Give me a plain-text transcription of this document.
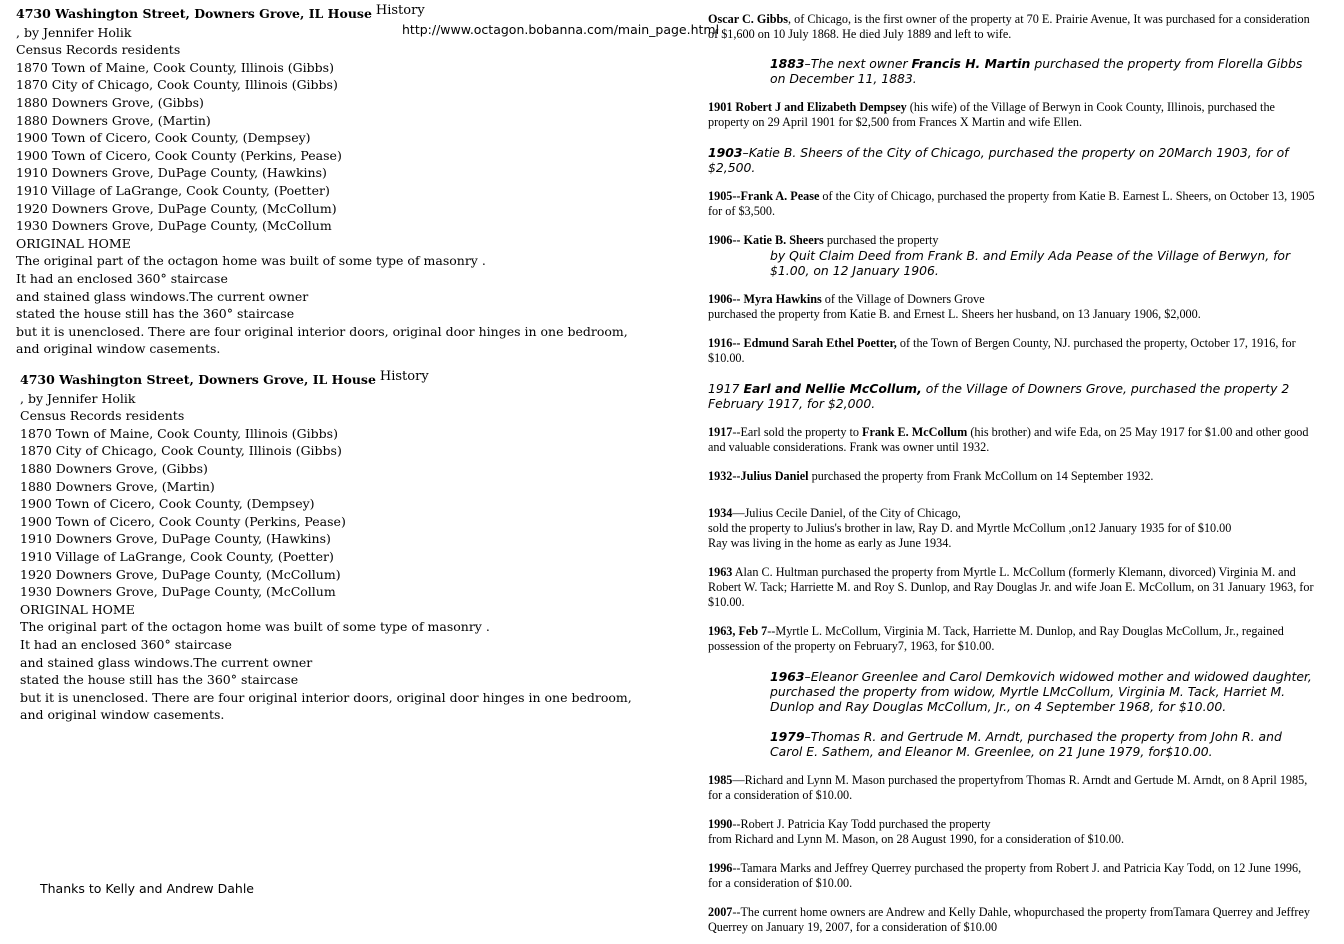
4730 Washington Street, Downers Grove, IL House History
, by Jennifer Holik
Census Records residents
1870 Town of Maine, Cook County, Illinois (Gibbs)
1870 City of Chicago, Cook County, Illinois (Gibbs)
1880 Downers Grove, (Gibbs)
1880 Downers Grove, (Martin)
1900 Town of Cicero, Cook County, (Dempsey)
1900 Town of Cicero, Cook County (Perkins, Pease)
1910 Downers Grove, DuPage County, (Hawkins)
1910 Village of LaGrange, Cook County, (Poetter)
1920 Downers Grove, DuPage County, (McCollum)
1930 Downers Grove, DuPage County, (McCollum
ORIGINAL HOME
The original part of the octagon home was built of some type of masonry .
It had an enclosed 360° staircase
and stained glass windows.The current owner
stated the house still has the 360° staircase
but it is unenclosed. There are four original interior doors, original door hinges in one bedroom,
and original window casements.
http://www.octagon.bobanna.com/main_page.html
4730 Washington Street, Downers Grove, IL House History
, by Jennifer Holik
Census Records residents
1870 Town of Maine, Cook County, Illinois (Gibbs)
1870 City of Chicago, Cook County, Illinois (Gibbs)
1880 Downers Grove, (Gibbs)
1880 Downers Grove, (Martin)
1900 Town of Cicero, Cook County, (Dempsey)
1900 Town of Cicero, Cook County (Perkins, Pease)
1910 Downers Grove, DuPage County, (Hawkins)
1910 Village of LaGrange, Cook County, (Poetter)
1920 Downers Grove, DuPage County, (McCollum)
1930 Downers Grove, DuPage County, (McCollum
ORIGINAL HOME
The original part of the octagon home was built of some type of masonry .
It had an enclosed 360° staircase
and stained glass windows.The current owner
stated the house still has the 360° staircase
but it is unenclosed. There are four original interior doors, original door hinges in one bedroom,
and original window casements.
Thanks to Kelly and Andrew Dahle

Oscar C. Gibbs, of Chicago, is the first owner of the property at 70 E. Prairie Avenue, It was purchased for a consideration of $1,600 on 10 July 1868. He died July 1889 and left to wife.

1883–The next owner Francis H. Martin purchased the property from Florella Gibbs on December 11, 1883.

1901 Robert J and Elizabeth Dempsey (his wife) of the Village of Berwyn in Cook County, Illinois, purchased the property on 29 April 1901 for $2,500 from Frances X Martin and wife Ellen.

1903–Katie B. Sheers of the City of Chicago, purchased the property on 20March 1903, for of $2,500.

1905--Frank A. Pease of the City of Chicago, purchased the property from Katie B. Earnest L. Sheers, on October 13, 1905 for of $3,500.

1906-- Katie B. Sheers purchased the property

by Quit Claim Deed from Frank B. and Emily Ada Pease of the Village of Berwyn, for $1.00, on 12 January 1906.

1906-- Myra Hawkins of the Village of Downers Grove

purchased the property from Katie B. and Ernest L. Sheers her husband, on 13 January 1906, $2,000.

1916-- Edmund Sarah Ethel Poetter, of the Town of Bergen County, NJ. purchased the property, October 17, 1916, for $10.00.

1917 Earl and Nellie McCollum, of the Village of Downers Grove, purchased the property 2 February 1917, for $2,000.

1917--Earl sold the property to Frank E. McCollum (his brother) and wife Eda, on 25 May 1917 for $1.00 and other good and valuable considerations. Frank was owner until 1932.

1932--Julius Daniel purchased the property from Frank McCollum on 14 September 1932.

1934—Julius Cecile Daniel, of the City of Chicago,

sold the property to Julius's brother in law, Ray D. and Myrtle McCollum ,on12 January 1935 for of $10.00

Ray was living in the home as early as June 1934.

1963 Alan C. Hultman purchased the property from Myrtle L. McCollum (formerly Klemann, divorced) Virginia M. and Robert W. Tack; Harriette M. and Roy S. Dunlop, and Ray Douglas Jr. and wife Joan E. McCollum, on 31 January 1963, for $10.00.

1963, Feb 7--Myrtle L. McCollum, Virginia M. Tack, Harriette M. Dunlop, and Ray Douglas McCollum, Jr., regained possession of the property on February7, 1963, for $10.00.

1963–Eleanor Greenlee and Carol Demkovich widowed mother and widowed daughter, purchased the property from widow, Myrtle LMcCollum, Virginia M. Tack, Harriet M. Dunlop and Ray Douglas McCollum, Jr., on 4 September 1968, for $10.00.

1979–Thomas R. and Gertrude M. Arndt, purchased the property from John R. and Carol E. Sathem, and Eleanor M. Greenlee, on 21 June 1979, for$10.00.

1985—Richard and Lynn M. Mason purchased the propertyfrom Thomas R. Arndt and Gertude M. Arndt, on 8 April 1985, for a consideration of $10.00.

1990--Robert J. Patricia Kay Todd purchased the property

from Richard and Lynn M. Mason, on 28 August 1990, for a consideration of $10.00.

1996--Tamara Marks and Jeffrey Querrey purchased the property from Robert J. and Patricia Kay Todd, on 12 June 1996, for a consideration of $10.00.

2007--The current home owners are Andrew and Kelly Dahle, whopurchased the property fromTamara Querrey and Jeffrey Querrey on January 19, 2007, for a consideration of $10.00
